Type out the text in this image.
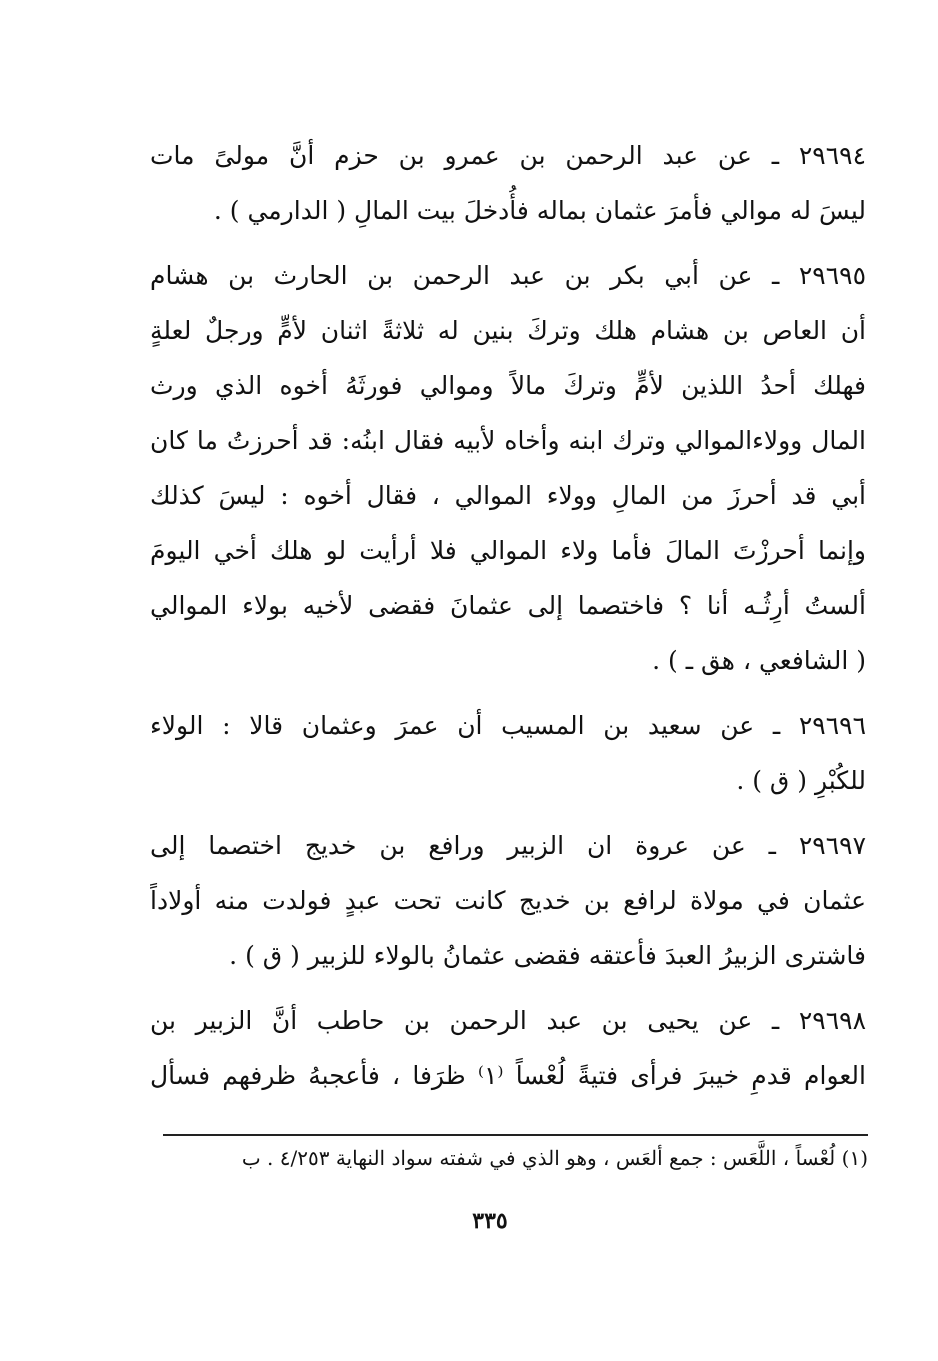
٢٩٦٩٤ ـ عن عبد الرحمن بن عمرو بن حزم أنَّ مولىً مات
ليسَ له موالي فأمرَ عثمان بماله فأُدخلَ بيت المالِ ( الدارمي ) .
٢٩٦٩٥ ـ عن أبي بكر بن عبد الرحمن بن الحارث بن هشام
أن العاص بن هشام هلك وتركَ بنين له ثلاثةً اثنان لأمٍّ ورجلٌ لعلةٍ
فهلك أحدُ اللذين لأمٍّ وتركَ مالاً وموالي فورثَهُ أخوه الذي ورث
المال وولاءالموالي وترك ابنه وأخاه لأبيه فقال ابنُه: قد أحرزتُ ما كان
أبي قد أحرزَ من المالِ وولاء الموالي ، فقال أخوه : ليسَ كذلك
وإنما أحرزْتَ المالَ فأما ولاء الموالي فلا أرأيت لو هلك أخي اليومَ
ألستُ أرِثُـه أنا ؟ فاختصما إلى عثمانَ فقضى لأخيه بولاء الموالي
( الشافعي ، هق ـ ) .
٢٩٦٩٦ ـ عن سعيد بن المسيب أن عمرَ وعثمان قالا : الولاء
للكُبْرِ ( ق ) .
٢٩٦٩٧ ـ عن عروة ان الزبير ورافع بن خديج اختصما إلى
عثمان في مولاة لرافع بن خديج كانت تحت عبدٍ فولدت منه أولاداً
فاشترى الزبيرُ العبدَ فأعتقه فقضى عثمانُ بالولاء للزبير ( ق ) .
٢٩٦٩٨ ـ عن يحيى بن عبد الرحمن بن حاطب أنَّ الزبير بن
العوام قدمِ خيبرَ فرأى فتيةً لُعْساً ⁽١⁾ ظرَفا ، فأعجبهُ ظرفهم فسأل
(١) لُعْساً ، اللَّعَس : جمع ألعَس ، وهو الذي في شفته سواد النهاية ٤/٢٥٣ . ب
٣٣٥
